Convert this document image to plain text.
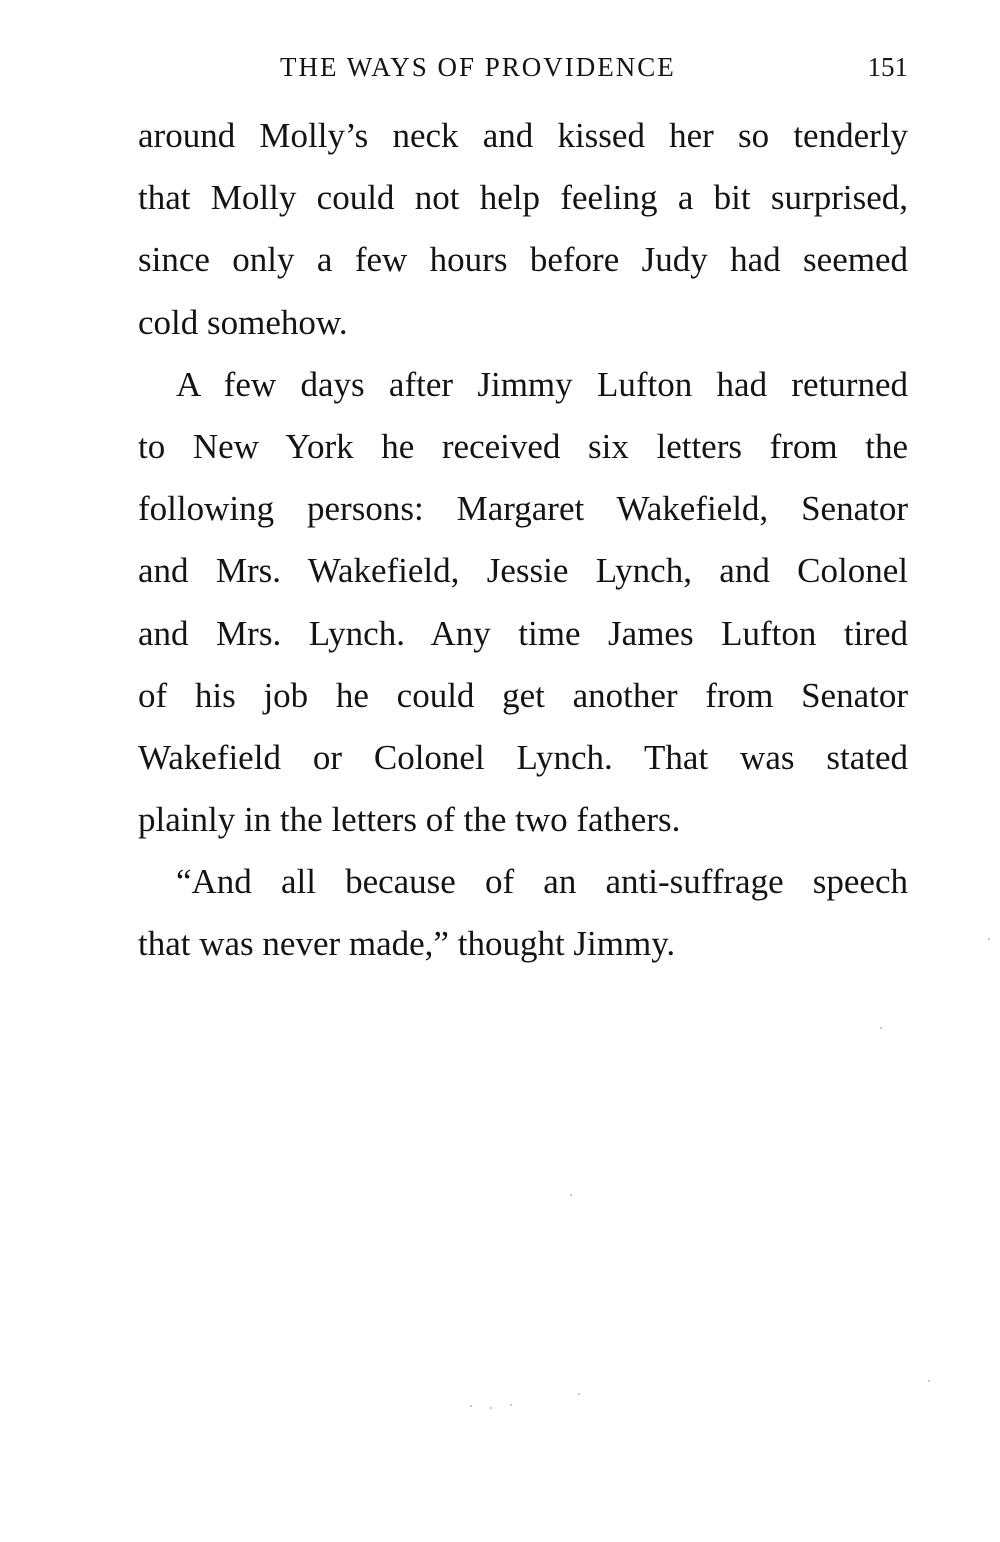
THE WAYS OF PROVIDENCE	151
around Molly’s neck and kissed her so tenderly
that Molly could not help feeling a bit surprised,
since only a few hours before Judy had seemed
cold somehow.
A few days after Jimmy Lufton had returned
to New York he received six letters from the
following persons: Margaret Wakefield, Senator
and Mrs. Wakefield, Jessie Lynch, and Colonel
and Mrs. Lynch. Any time James Lufton tired
of his job he could get another from Senator
Wakefield or Colonel Lynch. That was stated
plainly in the letters of the two fathers.
“And all because of an anti-suffrage speech
that was never made,” thought Jimmy.
